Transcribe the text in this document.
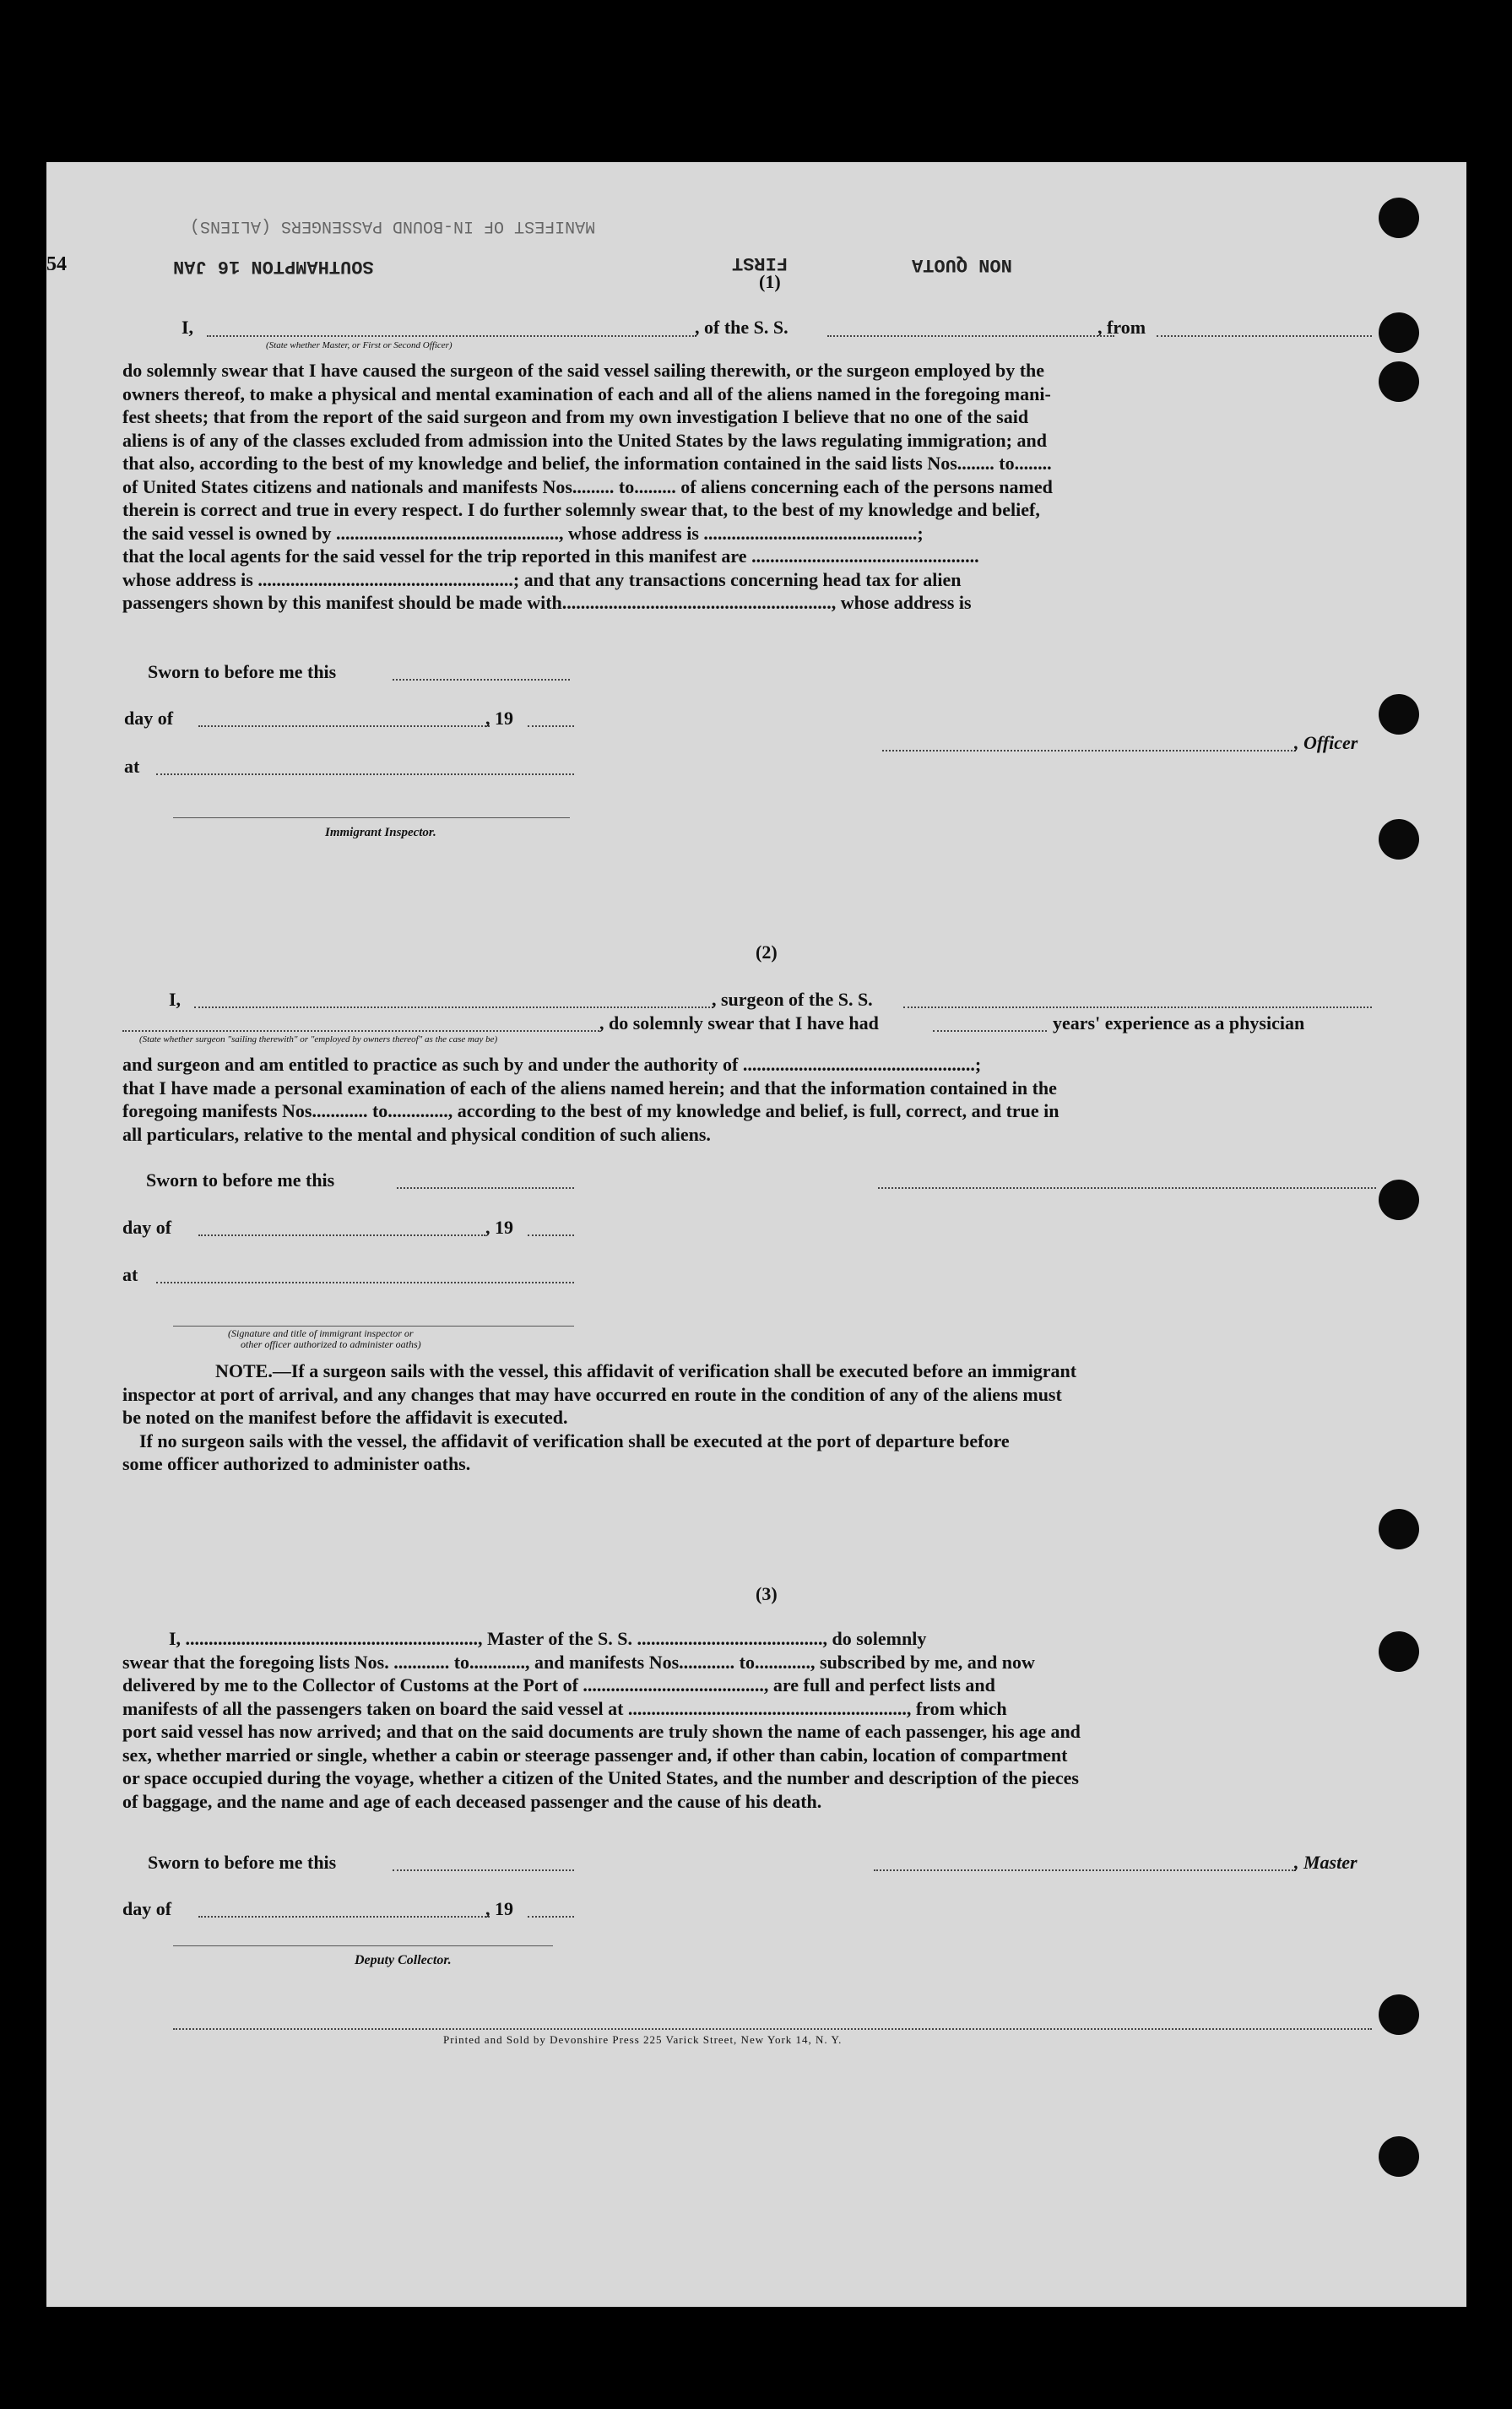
MANIFEST OF IN-BOUND PASSENGERS (ALIENS)
54	SOUTHAMPTON 16 JAN	FIRST	NON QUOTA
(1)
I,	, of the S. S.	, from
(State whether Master, or First or Second Officer)
do solemnly swear that I have caused the surgeon of the said vessel sailing therewith, or the surgeon employed by the
owners thereof, to make a physical and mental examination of each and all of the aliens named in the foregoing mani-
fest sheets; that from the report of the said surgeon and from my own investigation I believe that no one of the said
aliens is of any of the classes excluded from admission into the United States by the laws regulating immigration; and
that also, according to the best of my knowledge and belief, the information contained in the said lists Nos........ to........
of United States citizens and nationals and manifests Nos......... to......... of aliens concerning each of the persons named
therein is correct and true in every respect. I do further solemnly swear that, to the best of my knowledge and belief,
the said vessel is owned by ................................................, whose address is ..............................................;
that the local agents for the said vessel for the trip reported in this manifest are .................................................
whose address is .......................................................; and that any transactions concerning head tax for alien
passengers shown by this manifest should be made with.........................................................., whose address is
Sworn to before me this
day of	, 19
at
, Officer
Immigrant Inspector.
(2)
I,	, surgeon of the S. S.
, do solemnly swear that I have had	years' experience as a physician
(State whether surgeon "sailing therewith" or "employed by owners thereof" as the case may be)
and surgeon and am entitled to practice as such by and under the authority of ..................................................;
that I have made a personal examination of each of the aliens named herein; and that the information contained in the
foregoing manifests Nos............ to............., according to the best of my knowledge and belief, is full, correct, and true in
all particulars, relative to the mental and physical condition of such aliens.
Sworn to before me this
day of	, 19
at
(Signature and title of immigrant inspector or
other officer authorized to administer oaths)
NOTE.—If a surgeon sails with the vessel, this affidavit of verification shall be executed before an immigrant
inspector at port of arrival, and any changes that may have occurred en route in the condition of any of the aliens must
be noted on the manifest before the affidavit is executed.
If no surgeon sails with the vessel, the affidavit of verification shall be executed at the port of departure before
some officer authorized to administer oaths.
(3)
I, ..............................................................., Master of the S. S. ........................................, do solemnly
swear that the foregoing lists Nos. ............ to............, and manifests Nos............ to............, subscribed by me, and now
delivered by me to the Collector of Customs at the Port of ......................................., are full and perfect lists and
manifests of all the passengers taken on board the said vessel at ............................................................, from which
port said vessel has now arrived; and that on the said documents are truly shown the name of each passenger, his age and
sex, whether married or single, whether a cabin or steerage passenger and, if other than cabin, location of compartment
or space occupied during the voyage, whether a citizen of the United States, and the number and description of the pieces
of baggage, and the name and age of each deceased passenger and the cause of his death.
Sworn to before me this	, Master
day of	, 19
Deputy Collector.
Printed and Sold by Devonshire Press 225 Varick Street, New York 14, N. Y.
